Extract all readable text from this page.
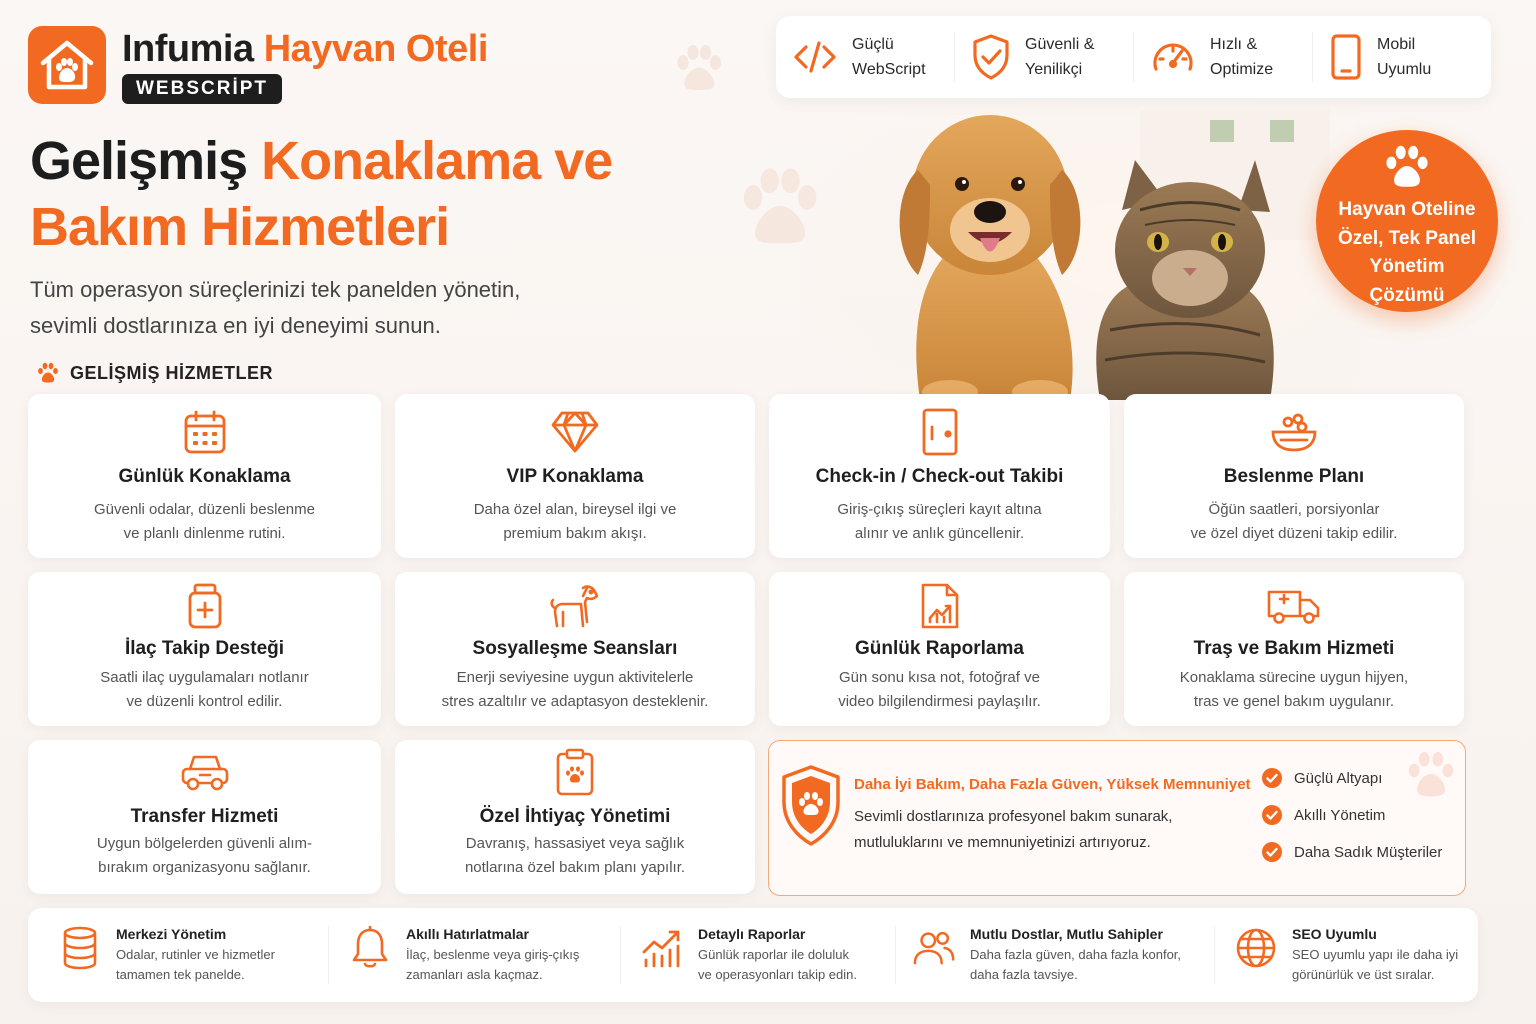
Infumia Hayvan Oteli
WEBSCRİPT
Güçlü
WebScript
Güvenli &
Yenilikçi
Hızlı &
Optimize
Mobil
Uyumlu
Gelişmiş Konaklama ve
Bakım Hizmetleri
Tüm operasyon süreçlerinizi tek panelden yönetin,
sevimli dostlarınıza en iyi deneyimi sunun.
Hayvan Oteline
Özel, Tek Panel
Yönetim
Çözümü
GELİŞMİŞ HİZMETLER
Günlük Konaklama
Güvenli odalar, düzenli beslenme
ve planlı dinlenme rutini.
VIP Konaklama
Daha özel alan, bireysel ilgi ve
premium bakım akışı.
Check-in / Check-out Takibi
Giriş-çıkış süreçleri kayıt altına
alınır ve anlık güncellenir.
Beslenme Planı
Öğün saatleri, porsiyonlar
ve özel diyet düzeni takip edilir.
İlaç Takip Desteği
Saatli ilaç uygulamaları notlanır
ve düzenli kontrol edilir.
Sosyalleşme Seansları
Enerji seviyesine uygun aktivitelerle
stres azaltılır ve adaptasyon desteklenir.
Günlük Raporlama
Gün sonu kısa not, fotoğraf ve
video bilgilendirmesi paylaşılır.
Traş ve Bakım Hizmeti
Konaklama sürecine uygun hijyen,
tras ve genel bakım uygulanır.
Transfer Hizmeti
Uygun bölgelerden güvenli alım-
bırakım organizasyonu sağlanır.
Özel İhtiyaç Yönetimi
Davranış, hassasiyet veya sağlık
notlarına özel bakım planı yapılır.
Daha İyi Bakım, Daha Fazla Güven, Yüksek Memnuniyet
Sevimli dostlarınıza profesyonel bakım sunarak,
mutluluklarını ve memnuniyetinizi artırıyoruz.
Güçlü Altyapı
Akıllı Yönetim
Daha Sadık Müşteriler
Merkezi Yönetim
Odalar, rutinler ve hizmetler
tamamen tek panelde.
Akıllı Hatırlatmalar
İlaç, beslenme veya giriş-çıkış
zamanları asla kaçmaz.
Detaylı Raporlar
Günlük raporlar ile doluluk
ve operasyonları takip edin.
Mutlu Dostlar, Mutlu Sahipler
Daha fazla güven, daha fazla konfor,
daha fazla tavsiye.
SEO Uyumlu
SEO uyumlu yapı ile daha iyi
görünürlük ve üst sıralar.
